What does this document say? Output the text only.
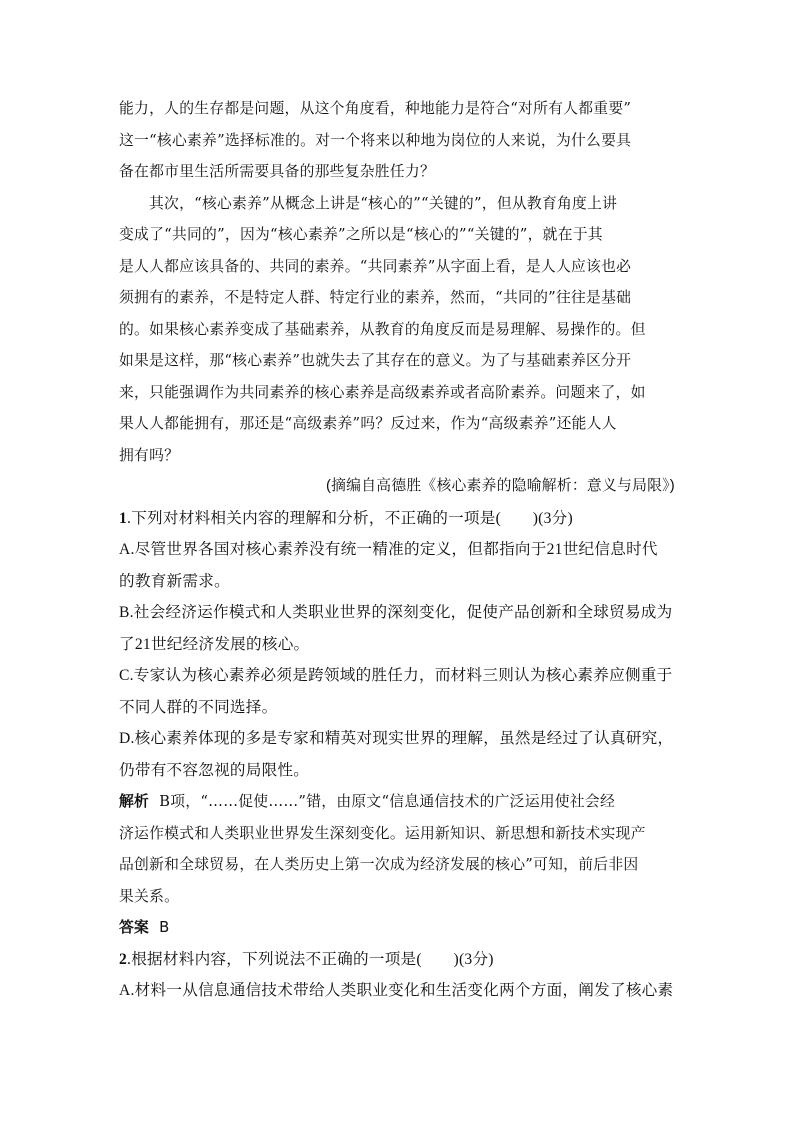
能力，人的生存都是问题，从这个角度看，种地能力是符合“对所有人都重要”
这一“核心素养”选择标准的。对一个将来以种地为岗位的人来说，为什么要具
备在都市里生活所需要具备的那些复杂胜任力？
其次，“核心素养”从概念上讲是“核心的”“关键的”，但从教育角度上讲
变成了“共同的”，因为“核心素养”之所以是“核心的”“关键的”，就在于其
是人人都应该具备的、共同的素养。“共同素养”从字面上看，是人人应该也必
须拥有的素养，不是特定人群、特定行业的素养，然而，“共同的”往往是基础
的。如果核心素养变成了基础素养，从教育的角度反而是易理解、易操作的。但
如果是这样，那“核心素养”也就失去了其存在的意义。为了与基础素养区分开
来，只能强调作为共同素养的核心素养是高级素养或者高阶素养。问题来了，如
果人人都能拥有，那还是“高级素养”吗？反过来，作为“高级素养”还能人人
拥有吗？
(摘编自高德胜《核心素养的隐喻解析：意义与局限》)
1.下列对材料相关内容的理解和分析，不正确的一项是(　　)(3分)
A.尽管世界各国对核心素养没有统一精准的定义，但都指向于21世纪信息时代
的教育新需求。
B.社会经济运作模式和人类职业世界的深刻变化，促使产品创新和全球贸易成为
了21世纪经济发展的核心。
C.专家认为核心素养必须是跨领域的胜任力，而材料三则认为核心素养应侧重于
不同人群的不同选择。
D.核心素养体现的多是专家和精英对现实世界的理解，虽然是经过了认真研究，
仍带有不容忽视的局限性。
解析 B项，“……促使……”错，由原文“信息通信技术的广泛运用使社会经
济运作模式和人类职业世界发生深刻变化。运用新知识、新思想和新技术实现产
品创新和全球贸易，在人类历史上第一次成为经济发展的核心”可知，前后非因
果关系。
答案 B
2.根据材料内容，下列说法不正确的一项是(　　)(3分)
A.材料一从信息通信技术带给人类职业变化和生活变化两个方面，阐发了核心素
